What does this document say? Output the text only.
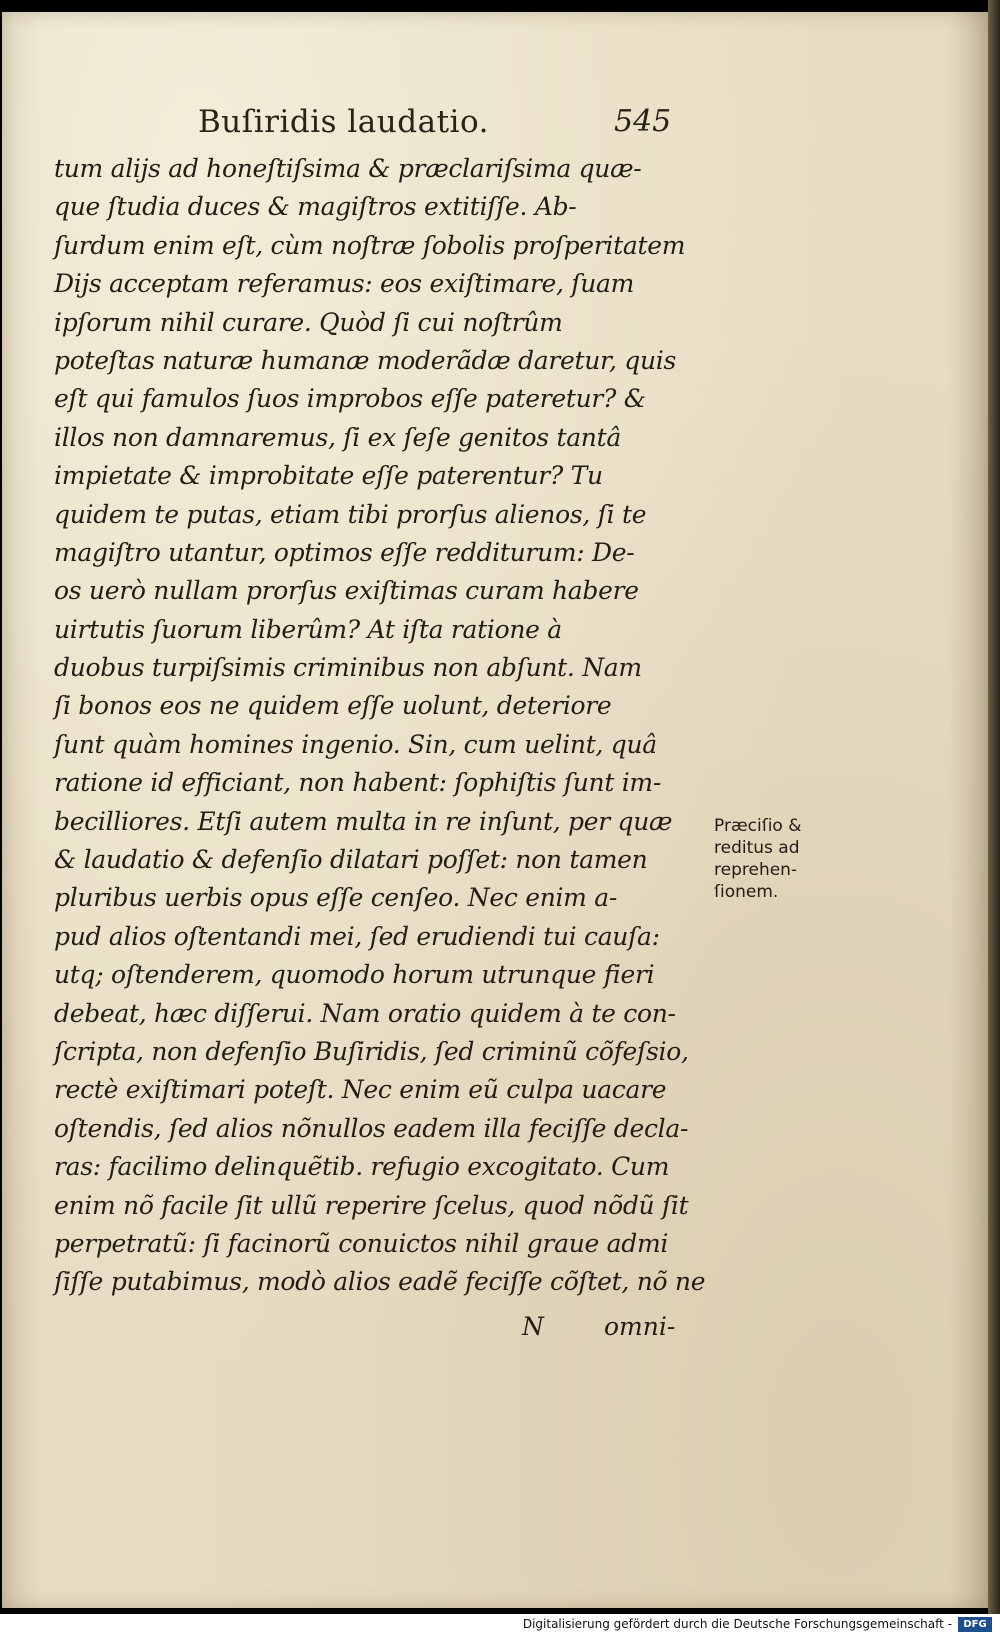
Buſiridis laudatio.	545
tum alijs ad honeſtiſsima & præclariſsima quæ-
que ſtudia duces & magiſtros extitiſſe. Ab-
ſurdum enim eſt, cùm noſtræ ſobolis proſperitatem
Dijs acceptam referamus: eos exiſtimare, ſuam
ipſorum nihil curare. Quòd ſi cui noſtrûm
poteſtas naturæ humanæ moderãdæ daretur, quis
eſt qui famulos ſuos improbos eſſe pateretur? &
illos non damnaremus, ſi ex ſeſe genitos tantâ
impietate & improbitate eſſe paterentur? Tu
quidem te putas, etiam tibi prorſus alienos, ſi te
magiſtro utantur, optimos eſſe redditurum: De-
os uerò nullam prorſus exiſtimas curam habere
uirtutis ſuorum liberûm? At iſta ratione à
duobus turpiſsimis criminibus non abſunt. Nam
ſi bonos eos ne quidem eſſe uolunt, deteriore
ſunt quàm homines ingenio. Sin, cum uelint, quâ
ratione id efficiant, non habent: ſophiſtis ſunt im-
becilliores. Etſi autem multa in re inſunt, per quæ
& laudatio & defenſio dilatari poſſet: non tamen
pluribus uerbis opus eſſe cenſeo. Nec enim a-
pud alios oſtentandi mei, ſed erudiendi tui cauſa:
utq; oſtenderem, quomodo horum utrunque fieri
debeat, hæc diſſerui. Nam oratio quidem à te con-
ſcripta, non defenſio Buſiridis, ſed criminũ cõfeſsio,
rectè exiſtimari poteſt. Nec enim eũ culpa uacare
oſtendis, ſed alios nõnullos eadem illa feciſſe decla-
ras: facilimo delinquẽtib. refugio excogitato. Cum
enim nõ facile ſit ullũ reperire ſcelus, quod nõdũ ſit
perpetratũ: ſi facinorũ conuictos nihil graue admi
ſiſſe putabimus, modò alios eadẽ feciſſe cõſtet, nõ ne
Præciſio &
reditus ad
reprehen-
ſionem.
N omni-
Digitalisierung gefördert durch die Deutsche Forschungsgemeinschaft -	DFG
